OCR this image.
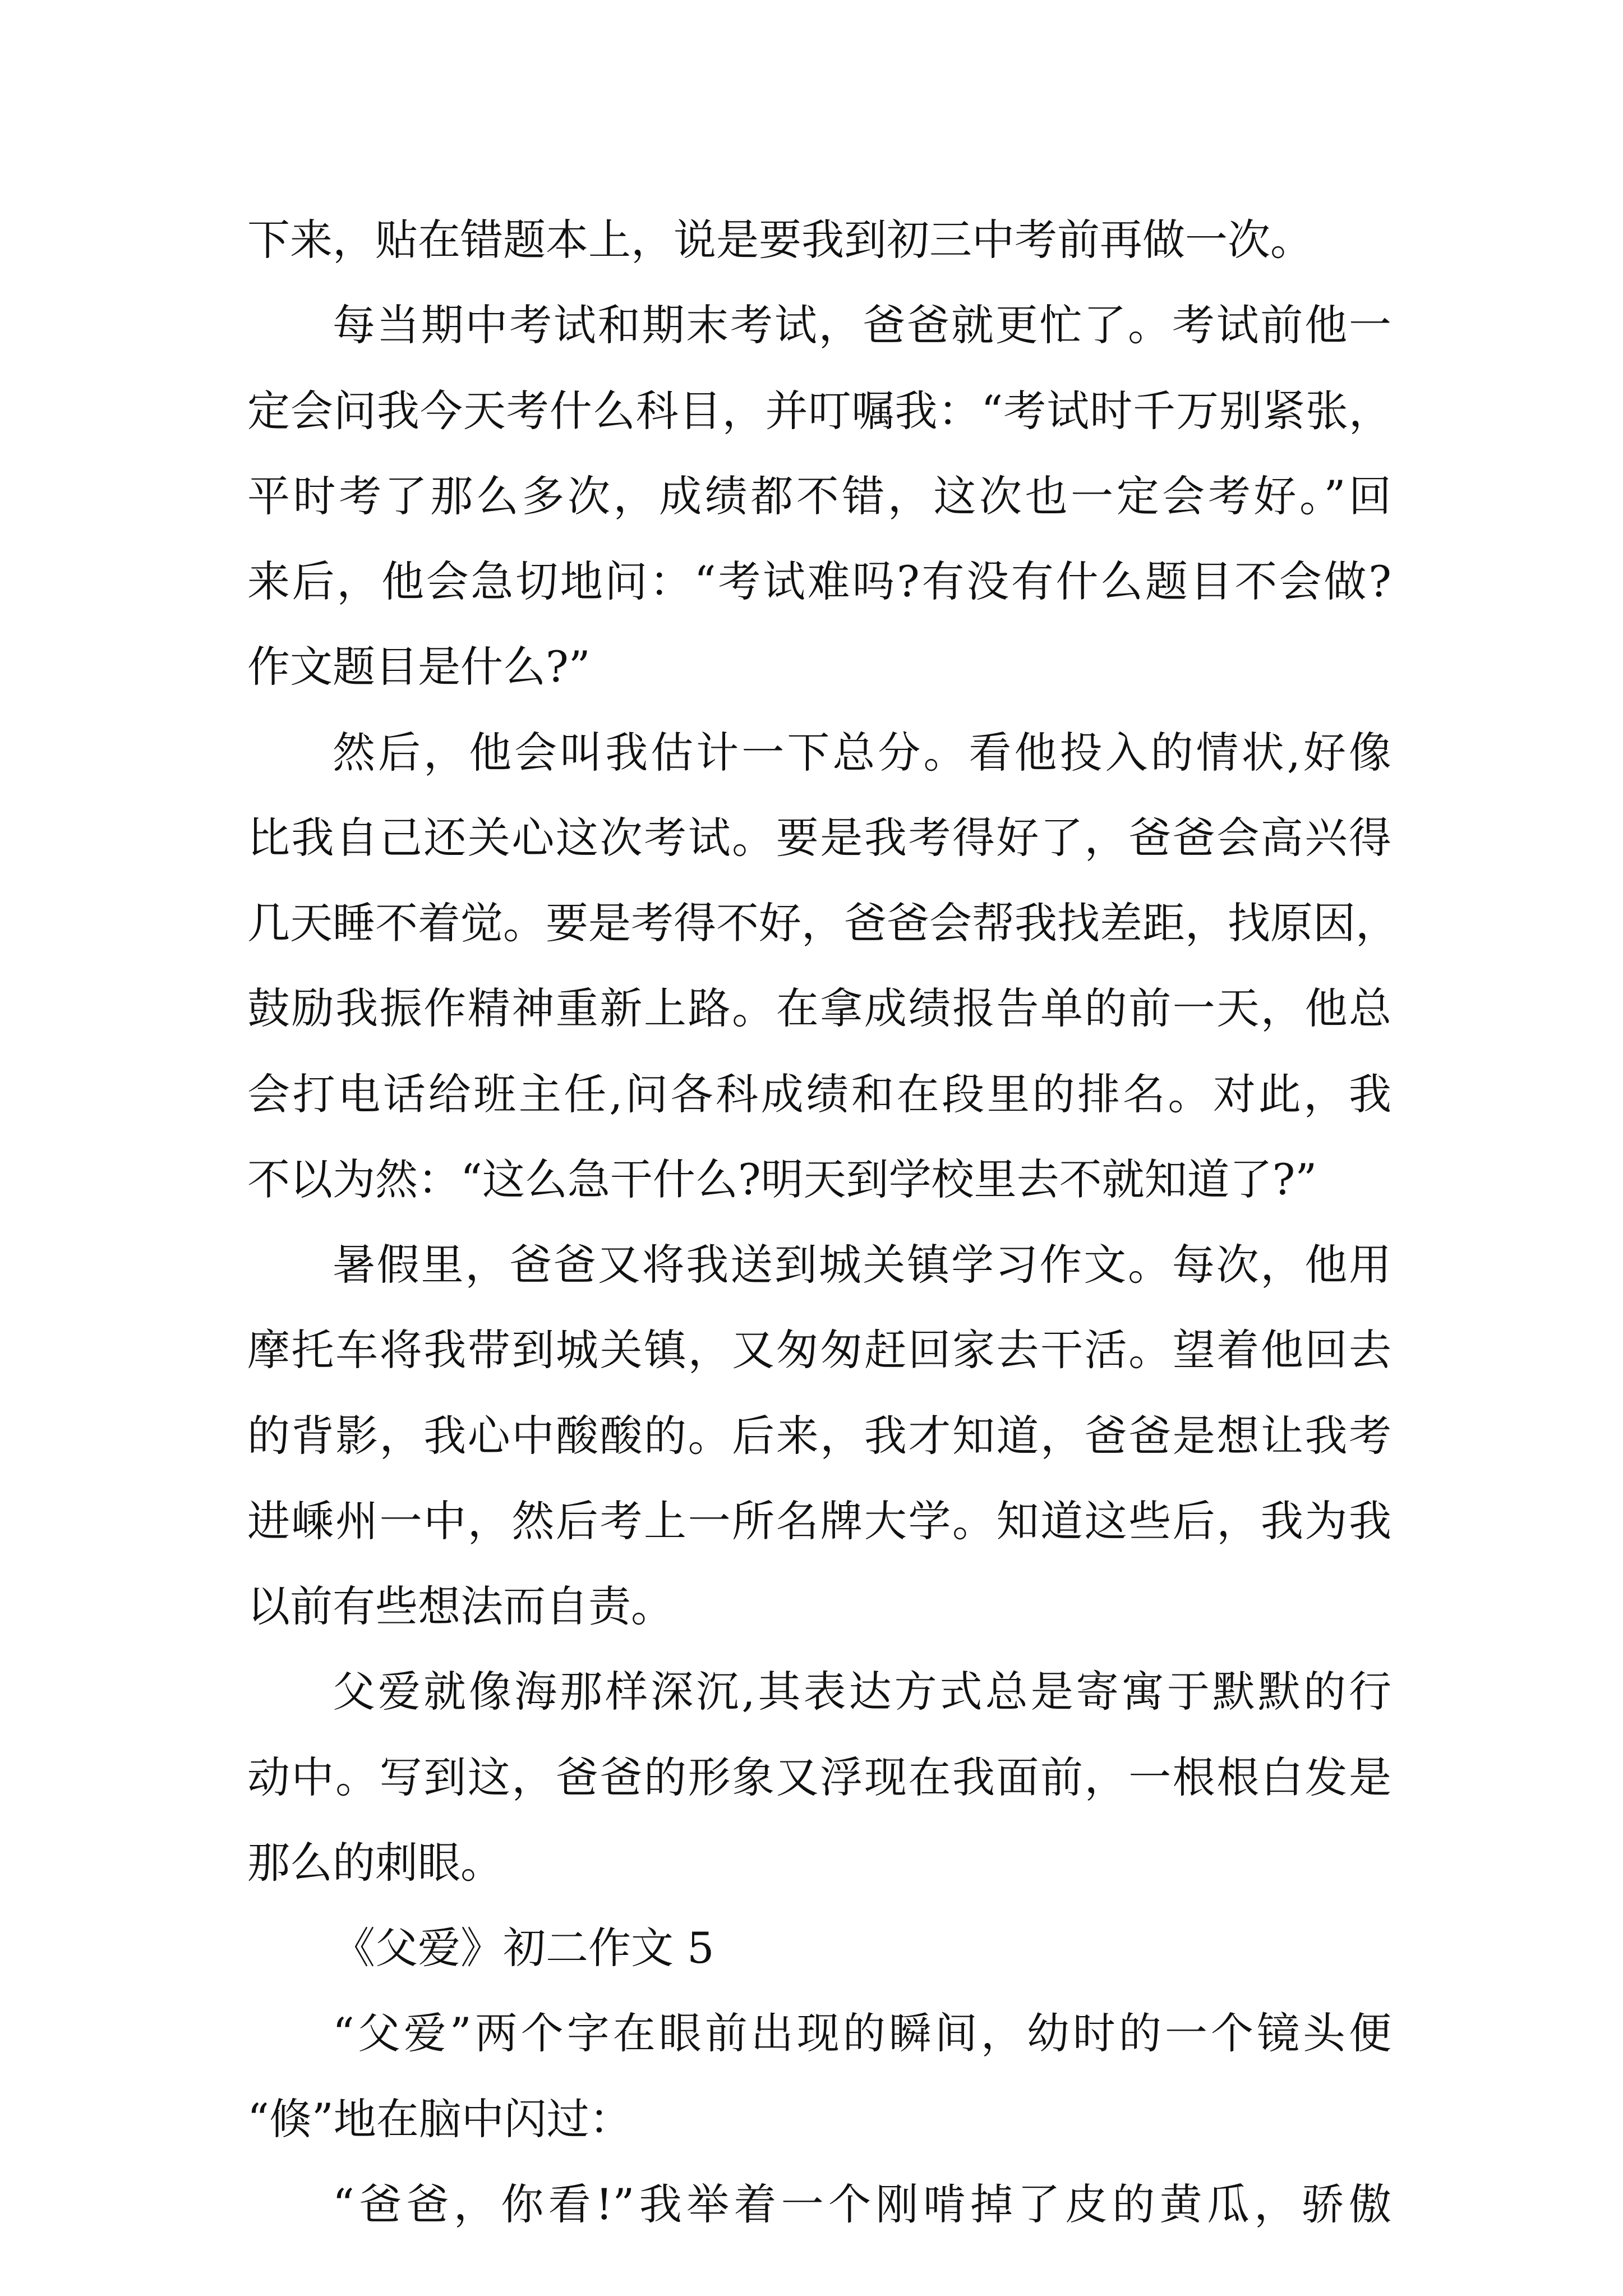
下来，贴在错题本上，说是要我到初三中考前再做一次。

每当期中考试和期末考试，爸爸就更忙了。考试前他一

定会问我今天考什么科目，并叮嘱我：“考试时千万别紧张，

平时考了那么多次，成绩都不错，这次也一定会考好。”回

来后，他会急切地问：“考试难吗?有没有什么题目不会做?

作文题目是什么?”

然后，他会叫我估计一下总分。看他投入的情状,好像

比我自己还关心这次考试。要是我考得好了，爸爸会高兴得

几天睡不着觉。要是考得不好，爸爸会帮我找差距，找原因，

鼓励我振作精神重新上路。在拿成绩报告单的前一天，他总

会打电话给班主任,问各科成绩和在段里的排名。对此，我

不以为然：“这么急干什么?明天到学校里去不就知道了?”

暑假里，爸爸又将我送到城关镇学习作文。每次，他用

摩托车将我带到城关镇，又匆匆赶回家去干活。望着他回去

的背影，我心中酸酸的。后来，我才知道，爸爸是想让我考

进嵊州一中，然后考上一所名牌大学。知道这些后，我为我

以前有些想法而自责。

父爱就像海那样深沉,其表达方式总是寄寓于默默的行

动中。写到这，爸爸的形象又浮现在我面前，一根根白发是

那么的刺眼。

《父爱》初二作文 5

“父爱”两个字在眼前出现的瞬间，幼时的一个镜头便

“倏”地在脑中闪过：

“爸爸，你看!”我举着一个刚啃掉了皮的黄瓜，骄傲
